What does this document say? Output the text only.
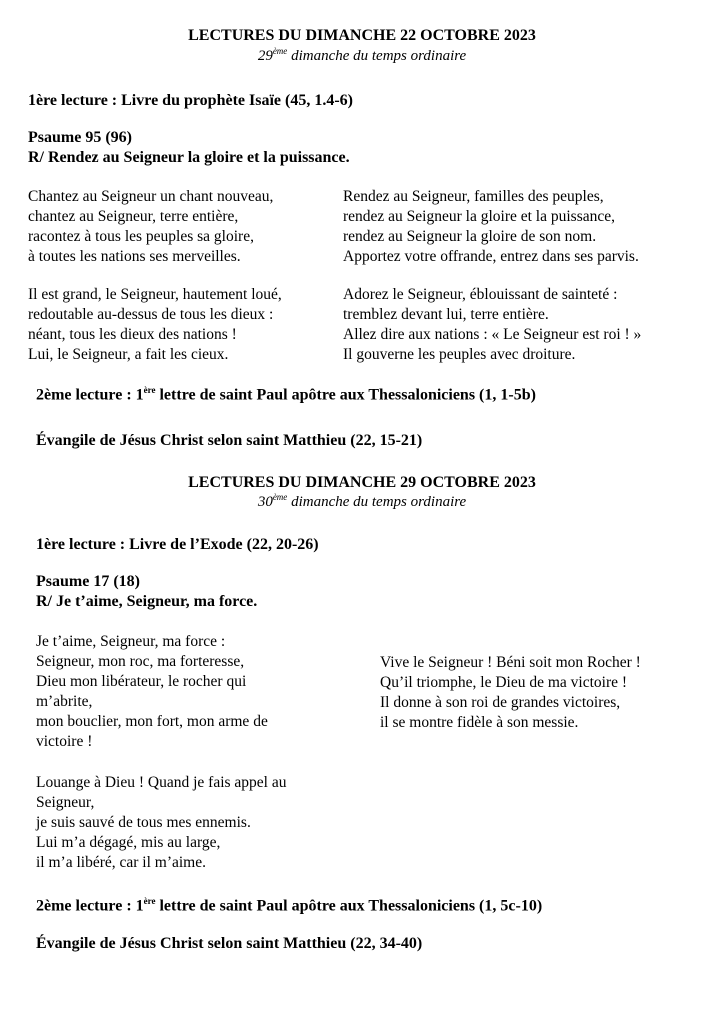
LECTURES DU DIMANCHE 22 OCTOBRE 2023
29ème dimanche du temps ordinaire
1ère lecture : Livre du prophète Isaïe (45, 1.4-6)
Psaume 95 (96)
R/ Rendez au Seigneur la gloire et la puissance.
Chantez au Seigneur un chant nouveau,
chantez au Seigneur, terre entière,
racontez à tous les peuples sa gloire,
à toutes les nations ses merveilles.
Rendez au Seigneur, familles des peuples,
rendez au Seigneur la gloire et la puissance,
rendez au Seigneur la gloire de son nom.
Apportez votre offrande, entrez dans ses parvis.
Il est grand, le Seigneur, hautement loué,
redoutable au-dessus de tous les dieux :
néant, tous les dieux des nations !
Lui, le Seigneur, a fait les cieux.
Adorez le Seigneur, éblouissant de sainteté :
tremblez devant lui, terre entière.
Allez dire aux nations : « Le Seigneur est roi ! »
Il gouverne les peuples avec droiture.
2ème lecture : 1ère lettre de saint Paul apôtre aux Thessaloniciens (1, 1-5b)
Évangile de Jésus Christ selon saint Matthieu (22, 15-21)
LECTURES DU DIMANCHE 29 OCTOBRE 2023
30ème dimanche du temps ordinaire
1ère lecture : Livre de l’Exode (22, 20-26)
Psaume 17 (18)
R/ Je t’aime, Seigneur, ma force.
Je t’aime, Seigneur, ma force :
Seigneur, mon roc, ma forteresse,
Dieu mon libérateur, le rocher qui
m’abrite,
mon bouclier, mon fort, mon arme de
victoire !
Vive le Seigneur ! Béni soit mon Rocher !
Qu’il triomphe, le Dieu de ma victoire !
Il donne à son roi de grandes victoires,
il se montre fidèle à son messie.
Louange à Dieu ! Quand je fais appel au
Seigneur,
je suis sauvé de tous mes ennemis.
Lui m’a dégagé, mis au large,
il m’a libéré, car il m’aime.
2ème lecture : 1ère lettre de saint Paul apôtre aux Thessaloniciens (1, 5c-10)
Évangile de Jésus Christ selon saint Matthieu (22, 34-40)
